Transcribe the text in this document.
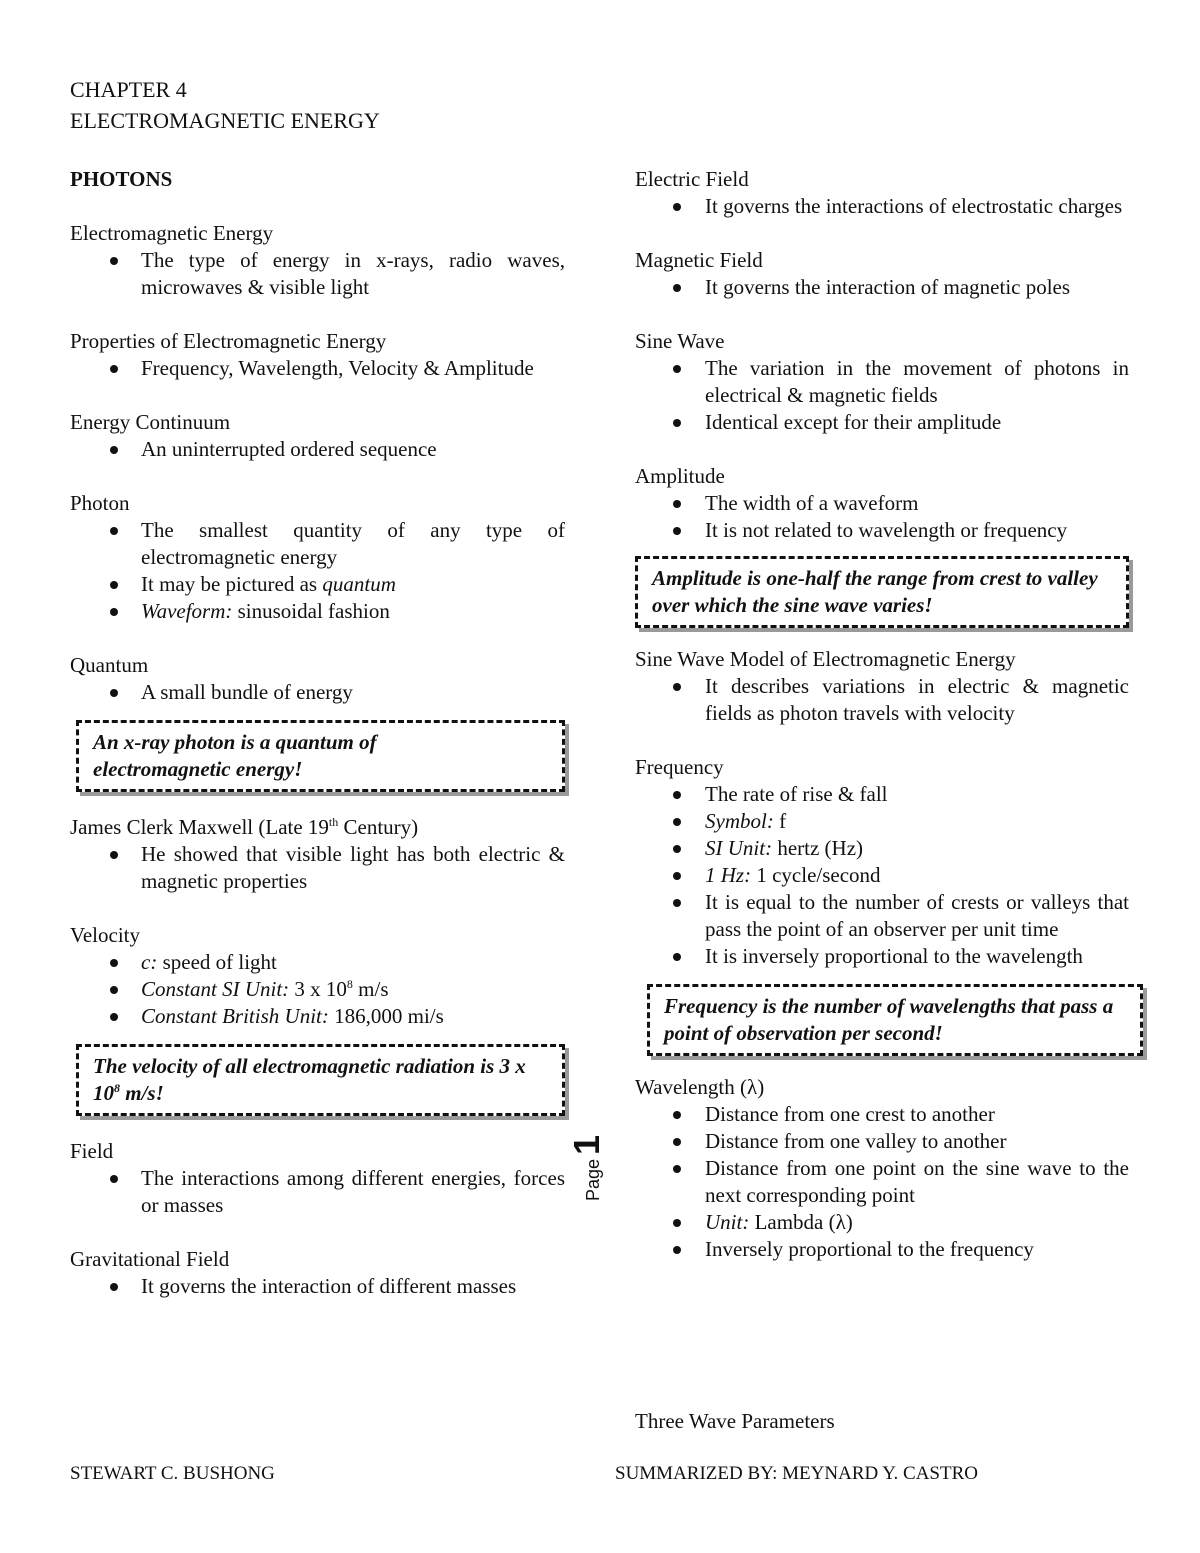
CHAPTER 4
ELECTROMAGNETIC ENERGY
PHOTONS
Electromagnetic Energy
The type of energy in x-rays, radio waves, microwaves & visible light
Properties of Electromagnetic Energy
Frequency, Wavelength, Velocity & Amplitude
Energy Continuum
An uninterrupted ordered sequence
Photon
The smallest quantity of any type of electromagnetic energy
It may be pictured as quantum
Waveform: sinusoidal fashion
Quantum
A small bundle of energy
An x-ray photon is a quantum of electromagnetic energy!
James Clerk Maxwell (Late 19th Century)
He showed that visible light has both electric & magnetic properties
Velocity
c: speed of light
Constant SI Unit: 3 x $10^8$ m/s
Constant British Unit: 186,000 mi/s
The velocity of all electromagnetic radiation is 3 x $10^8$ m/s!
Field
The interactions among different energies, forces or masses
Gravitational Field
It governs the interaction of different masses
Electric Field
It governs the interactions of electrostatic charges
Magnetic Field
It governs the interaction of magnetic poles
Sine Wave
The variation in the movement of photons in electrical & magnetic fields
Identical except for their amplitude
Amplitude
The width of a waveform
It is not related to wavelength or frequency
Amplitude is one-half the range from crest to valley over which the sine wave varies!
Sine Wave Model of Electromagnetic Energy
It describes variations in electric & magnetic fields as photon travels with velocity
Frequency
The rate of rise & fall
Symbol: f
SI Unit: hertz (Hz)
1 Hz: 1 cycle/second
It is equal to the number of crests or valleys that pass the point of an observer per unit time
It is inversely proportional to the wavelength
Frequency is the number of wavelengths that pass a point of observation per second!
Wavelength (λ)
Distance from one crest to another
Distance from one valley to another
Distance from one point on the sine wave to the next corresponding point
Unit: Lambda (λ)
Inversely proportional to the frequency
Three Wave Parameters
Page
1
STEWART C. BUSHONG	SUMMARIZED BY: MEYNARD Y. CASTRO
